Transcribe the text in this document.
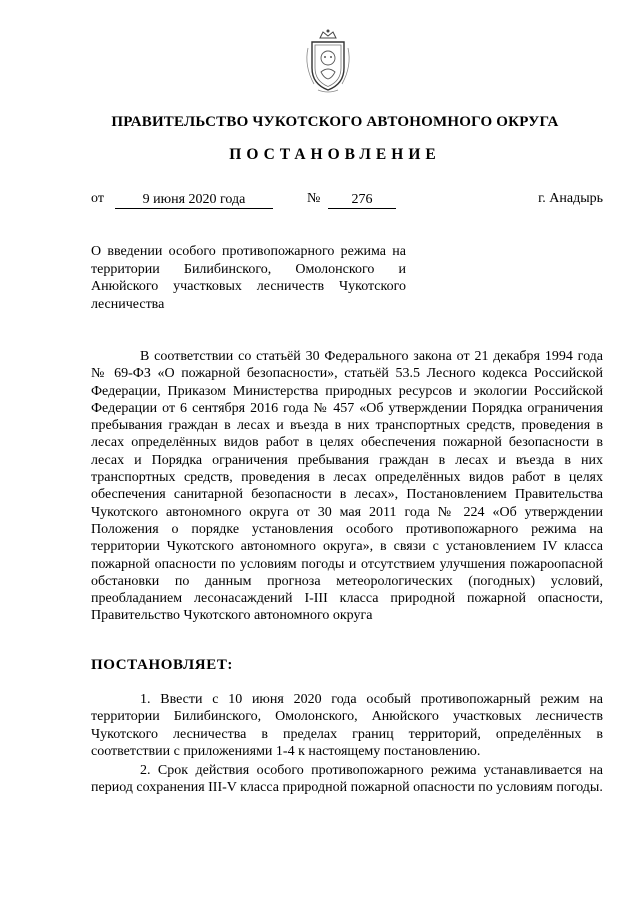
ПРАВИТЕЛЬСТВО ЧУКОТСКОГО АВТОНОМНОГО ОКРУГА
ПОСТАНОВЛЕНИЕ
от	9 июня 2020 года	№	276	г. Анадырь
О введении особого противопожарного режима на территории Билибинского, Омолонского и Анюйского участковых лесничеств Чукотского лесничества

В соответствии со статьёй 30 Федерального закона от 21 декабря 1994 года № 69-ФЗ «О пожарной безопасности», статьёй 53.5 Лесного кодекса Российской Федерации, Приказом Министерства природных ресурсов и экологии Российской Федерации от 6 сентября 2016 года № 457 «Об утверждении Порядка ограничения пребывания граждан в лесах и въезда в них транспортных средств, проведения в лесах определённых видов работ в целях обеспечения пожарной безопасности в лесах и Порядка ограничения пребывания граждан в лесах и въезда в них транспортных средств, проведения в лесах определённых видов работ в целях обеспечения санитарной безопасности в лесах», Постановлением Правительства Чукотского автономного округа от 30 мая 2011 года № 224 «Об утверждении Положения о порядке установления особого противопожарного режима на территории Чукотского автономного округа», в связи с установлением IV класса пожарной опасности по условиям погоды и отсутствием улучшения пожароопасной обстановки по данным прогноза метеорологических (погодных) условий, преобладанием лесонасаждений I-III класса природной пожарной опасности, Правительство Чукотского автономного округа

ПОСТАНОВЛЯЕТ:

1. Ввести с 10 июня 2020 года особый противопожарный режим на территории Билибинского, Омолонского, Анюйского участковых лесничеств Чукотского лесничества в пределах границ территорий, определённых в соответствии с приложениями 1-4 к настоящему постановлению.

2. Срок действия особого противопожарного режима устанавливается на период сохранения III-V класса природной пожарной опасности по условиям погоды.
